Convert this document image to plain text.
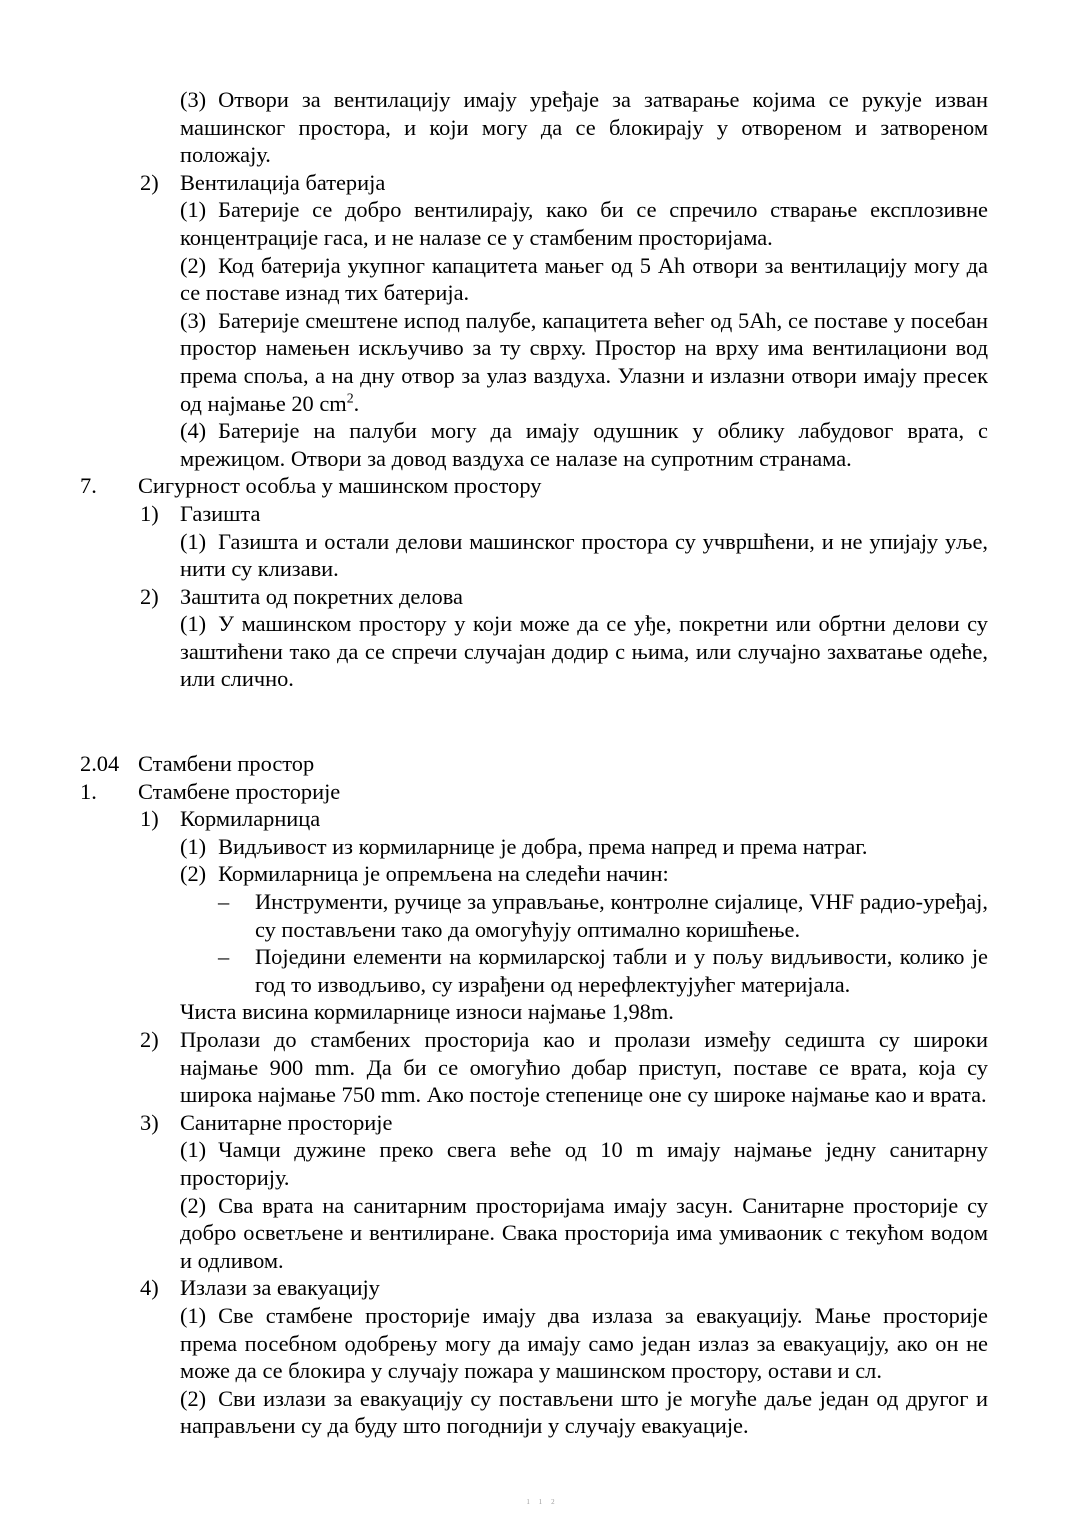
(3) Отвори за вентилацију имају уређаје за затварање којима се рукује изван машинског простора, и који могу да се блокирају у отвореном и затвореном положају.
2) Вентилација батерија
(1) Батерије се добро вентилирају, како би се спречило стварање експлозивне концентрације гаса, и не налазе се у стамбеним просторијама.
(2) Код батерија укупног капацитета мањег од 5 Ah отвори за вентилацију могу да се поставе изнад тих батерија.
(3) Батерије смештене испод палубе, капацитета већег од 5Ah, се поставе у посебан простор намењен искључиво за ту сврху. Простор на врху има вентилациони вод према споља, а на дну отвор за улаз ваздуха. Улазни и излазни отвори имају пресек од најмање 20 $cm^2$.
(4) Батерије на палуби могу да имају одушник у облику лабудовог врата, с мрежицом. Отвори за довод ваздуха се налазе на супротним странама.
7. Сигурност особља у машинском простору
1) Газишта
(1) Газишта и остали делови машинског простора су учвршћени, и не упијају уље, нити су клизави.
2) Заштита од покретних делова
(1) У машинском простору у који може да се уђе, покретни или обртни делови су заштићени тако да се спречи случајан додир с њима, или случајно захватање одеће, или слично.
2.04 Стамбени простор
1. Стамбене просторије
1) Кормиларница
(1) Видљивост из кормиларнице је добра, према напред и према натраг.
(2) Кормиларница је опремљена на следећи начин:
– Инструменти, ручице за управљање, контролне сијалице, VHF радио-уређај, су постављени тако да омогућују оптимално коришћење.
– Поједини елементи на кормиларској табли и у пољу видљивости, колико је год то изводљиво, су израђени од нерефлектујућег материјала.
Чиста висина кормиларнице износи најмање 1,98m.
2) Пролази до стамбених просторија као и пролази између седишта су широки најмање 900 mm. Да би се омогућио добар приступ, поставе се врата, која су широка најмање 750 mm. Ако постоје степенице оне су широке најмање као и врата.
3) Санитарне просторије
(1) Чамци дужине преко свега веће од 10 m имају најмање једну санитарну просторију.
(2) Сва врата на санитарним просторијама имају засун. Санитарне просторије су добро осветљене и вентилиране. Свака просторија има умиваоник с текућом водом и одливом.
4) Излази за евакуацију
(1) Све стамбене просторије имају два излаза за евакуацију. Мање просторије према посебном одобрењу могу да имају само један излаз за евакуацију, ако он не може да се блокира у случају пожара у машинском простору, остави и сл.
(2) Сви излази за евакуацију су постављени што је могуће даље један од другог и направљени су да буду што погоднији у случају евакуације.
112
